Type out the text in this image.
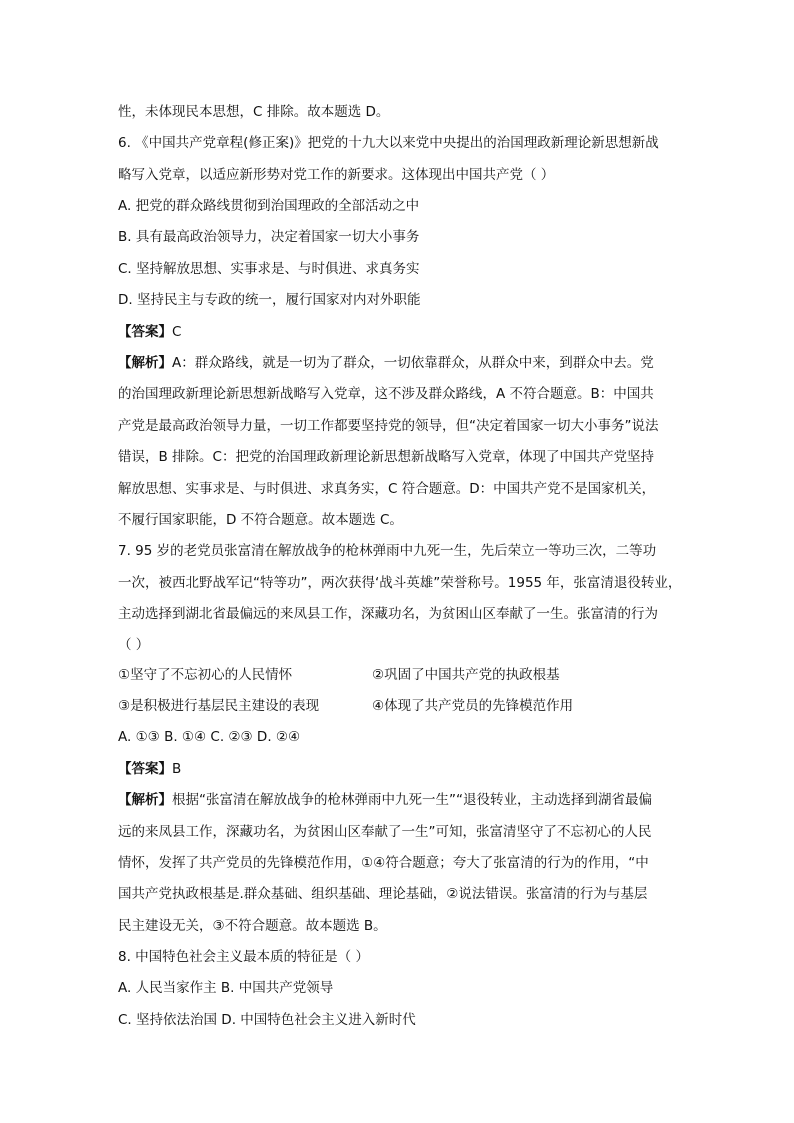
性，未体现民本思想，C 排除。故本题选 D。
6. 《中国共产党章程(修正案)》把党的十九大以来党中央提出的治国理政新理论新思想新战
略写入党章，以适应新形势对党工作的新要求。这体现出中国共产党（ ）
A. 把党的群众路线贯彻到治国理政的全部活动之中
B. 具有最高政治领导力，决定着国家一切大小事务
C. 坚持解放思想、实事求是、与时俱进、求真务实
D. 坚持民主与专政的统一，履行国家对内对外职能
【答案】C
【解析】A：群众路线，就是一切为了群众，一切依靠群众，从群众中来，到群众中去。党
的治国理政新理论新思想新战略写入党章，这不涉及群众路线，A 不符合题意。B：中国共
产党是最高政治领导力量，一切工作都要坚持党的领导，但“决定着国家一切大小事务”说法
错误，B 排除。C：把党的治国理政新理论新思想新战略写入党章，体现了中国共产党坚持
解放思想、实事求是、与时俱进、求真务实，C 符合题意。D：中国共产党不是国家机关，
不履行国家职能，D 不符合题意。故本题选 C。
7. 95 岁的老党员张富清在解放战争的枪林弹雨中九死一生，先后荣立一等功三次，二等功
一次，被西北野战军记“特等功”，两次获得‘战斗英雄”荣誉称号。1955 年，张富清退役转业，
主动选择到湖北省最偏远的来凤县工作，深藏功名，为贫困山区奉献了一生。张富清的行为
（ ）
①坚守了不忘初心的人民情怀	②巩固了中国共产党的执政根基
③是积极进行基层民主建设的表现	④体现了共产党员的先锋模范作用
A. ①③ B. ①④ C. ②③ D. ②④
【答案】B
【解析】根据“张富清在解放战争的枪林弹雨中九死一生”“退役转业，主动选择到湖省最偏
远的来凤县工作，深藏功名，为贫困山区奉献了一生”可知，张富清坚守了不忘初心的人民
情怀，发挥了共产党员的先锋模范作用，①④符合题意；夸大了张富清的行为的作用，“中
国共产党执政根基是.群众基础、组织基础、理论基础，②说法错误。张富清的行为与基层
民主建设无关，③不符合题意。故本题选 B。
8. 中国特色社会主义最本质的特征是（ ）
A. 人民当家作主 B. 中国共产党领导
C. 坚持依法治国 D. 中国特色社会主义进入新时代
